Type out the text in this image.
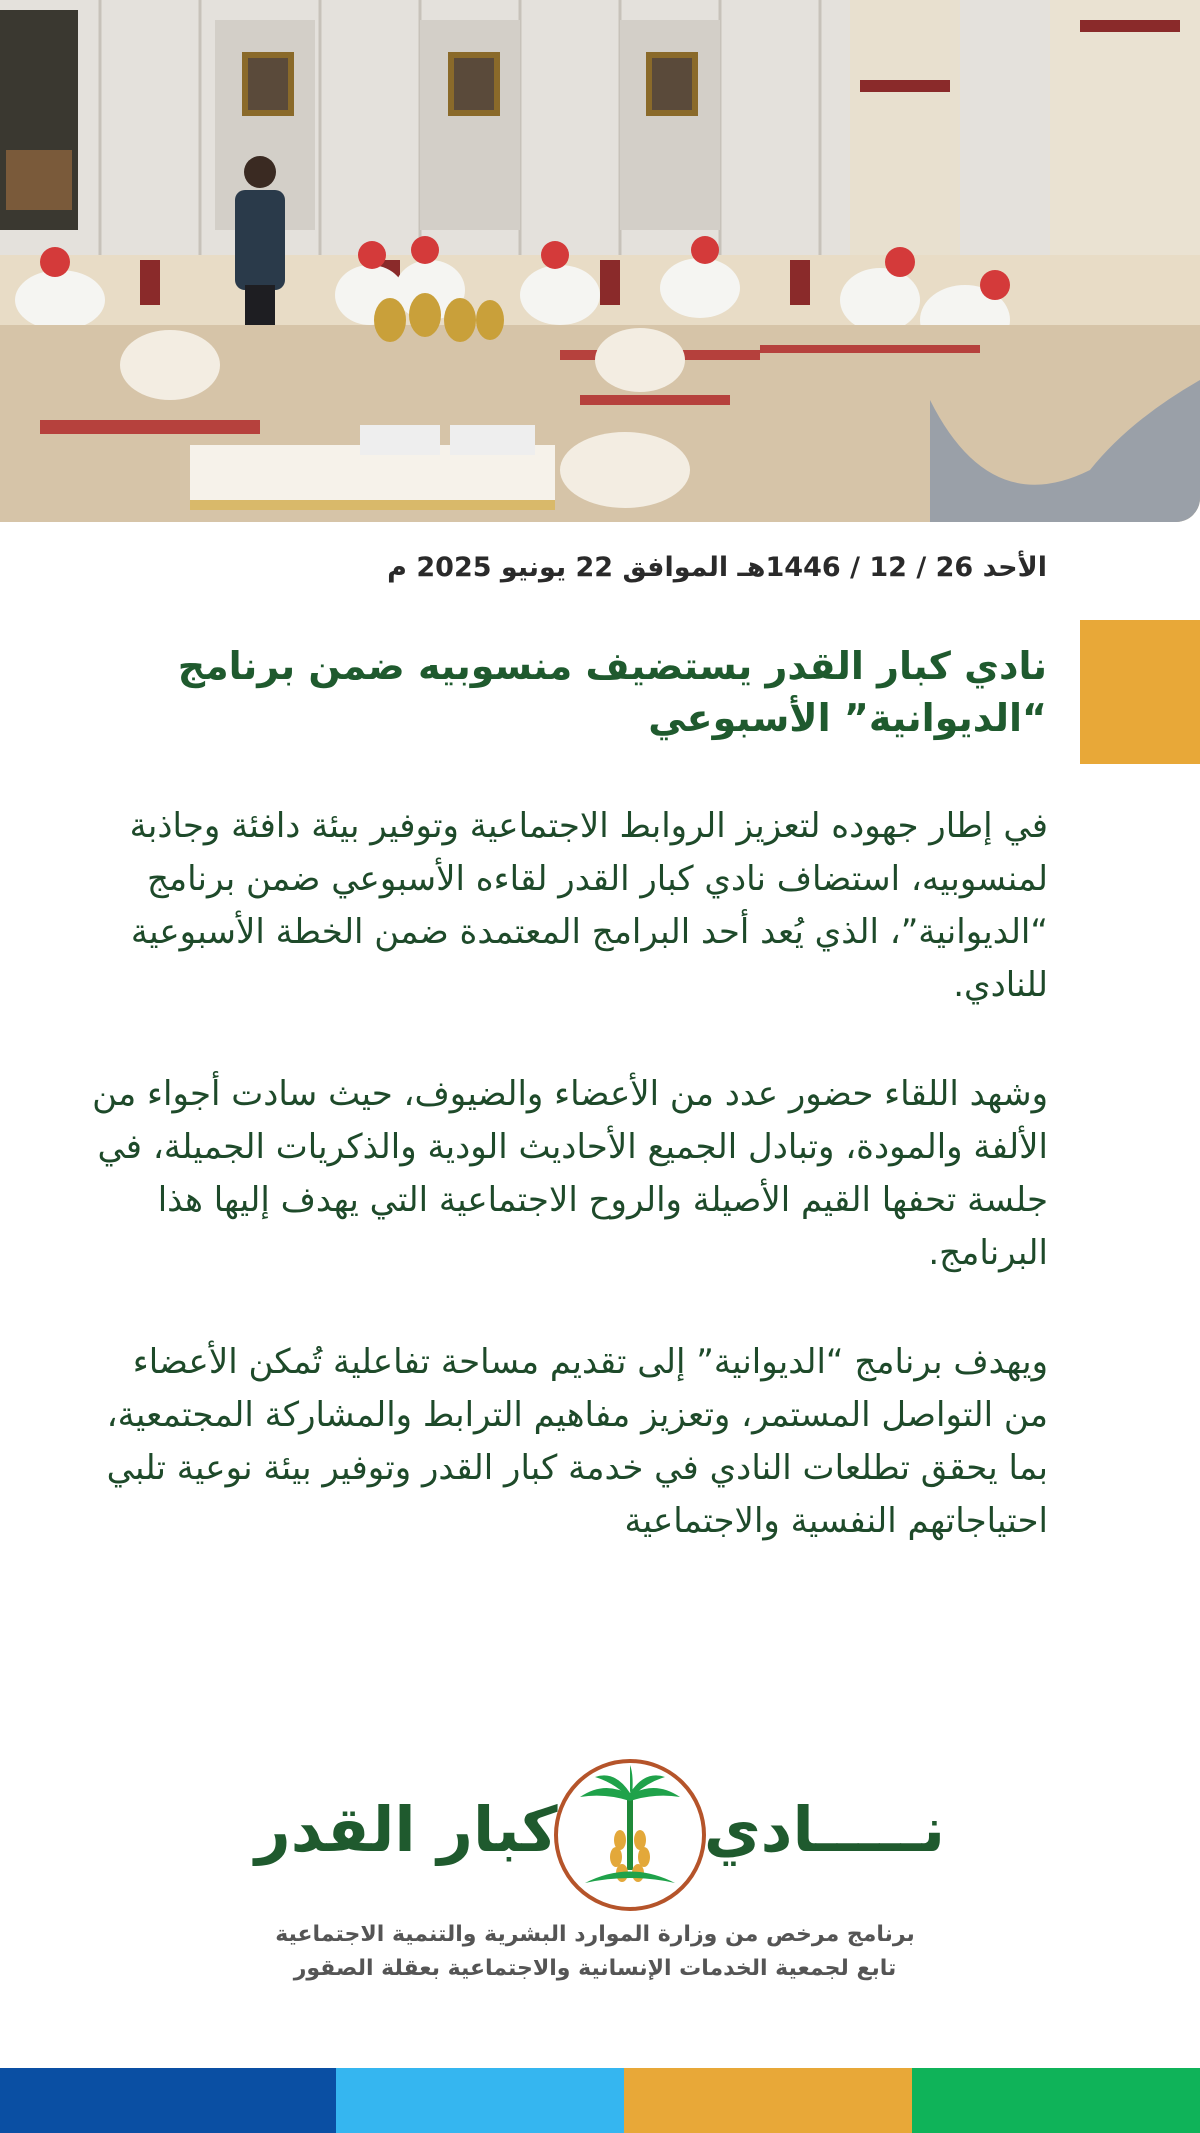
الأحد 26 / 12 / 1446هـ الموافق 22 يونيو 2025 م
نادي كبار القدر يستضيف منسوبيه ضمن برنامج “الديوانية” الأسبوعي

في إطار جهوده لتعزيز الروابط الاجتماعية وتوفير بيئة دافئة وجاذبة لمنسوبيه، استضاف نادي كبار القدر لقاءه الأسبوعي ضمن برنامج “الديوانية”، الذي يُعد أحد البرامج المعتمدة ضمن الخطة الأسبوعية للنادي.

وشهد اللقاء حضور عدد من الأعضاء والضيوف، حيث سادت أجواء من الألفة والمودة، وتبادل الجميع الأحاديث الودية والذكريات الجميلة، في جلسة تحفها القيم الأصيلة والروح الاجتماعية التي يهدف إليها هذا البرنامج.

ويهدف برنامج “الديوانية” إلى تقديم مساحة تفاعلية تُمكن الأعضاء من التواصل المستمر، وتعزيز مفاهيم الترابط والمشاركة المجتمعية، بما يحقق تطلعات النادي في خدمة كبار القدر وتوفير بيئة نوعية تلبي احتياجاتهم النفسية والاجتماعية

نـــــادي
كبار القدر
برنامج مرخص من وزارة الموارد البشرية والتنمية الاجتماعية
تابع لجمعية الخدمات الإنسانية والاجتماعية بعقلة الصقور
